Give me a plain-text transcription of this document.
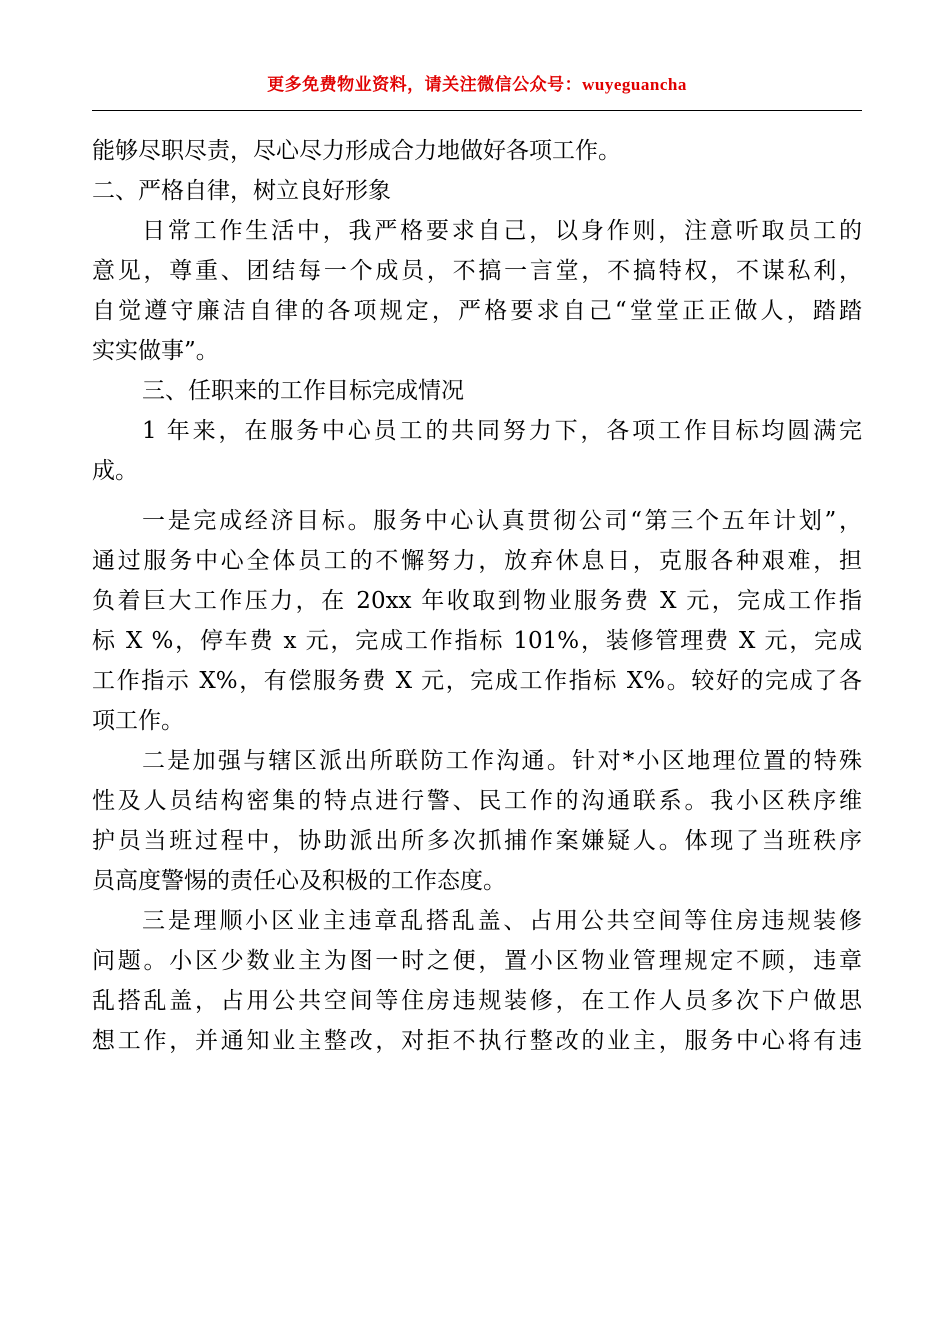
更多免费物业资料，请关注微信公众号：wuyeguancha
能够尽职尽责，尽心尽力形成合力地做好各项工作。
二、严格自律，树立良好形象
日常工作生活中，我严格要求自己，以身作则，注意听取员工的
意见，尊重、团结每一个成员，不搞一言堂，不搞特权，不谋私利，
自觉遵守廉洁自律的各项规定，严格要求自己“堂堂正正做人，踏踏
实实做事”。
三、任职来的工作目标完成情况
1 年来，在服务中心员工的共同努力下，各项工作目标均圆满完
成。
一是完成经济目标。服务中心认真贯彻公司“第三个五年计划”，
通过服务中心全体员工的不懈努力，放弃休息日，克服各种艰难，担
负着巨大工作压力，在 20xx 年收取到物业服务费 X 元，完成工作指
标 X %，停车费 x 元，完成工作指标 101%，装修管理费 X 元，完成
工作指示 X%，有偿服务费 X 元，完成工作指标 X%。较好的完成了各
项工作。
二是加强与辖区派出所联防工作沟通。针对*小区地理位置的特殊
性及人员结构密集的特点进行警、民工作的沟通联系。我小区秩序维
护员当班过程中，协助派出所多次抓捕作案嫌疑人。体现了当班秩序
员高度警惕的责任心及积极的工作态度。
三是理顺小区业主违章乱搭乱盖、占用公共空间等住房违规装修
问题。小区少数业主为图一时之便，置小区物业管理规定不顾，违章
乱搭乱盖，占用公共空间等住房违规装修，在工作人员多次下户做思
想工作，并通知业主整改，对拒不执行整改的业主，服务中心将有违
